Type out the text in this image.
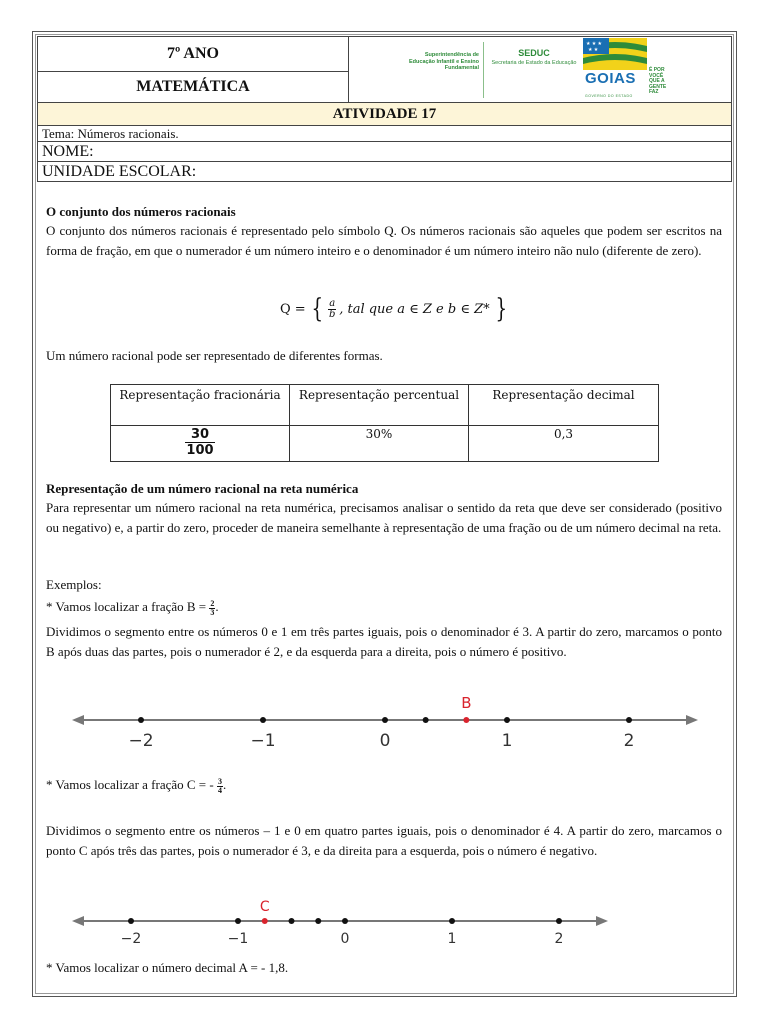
7º ANO	Superintendência de Educação Infantil e Ensino Fundamental
SEDUC
Secretaria de Estado da Educação
★ ★ ★
★ ★
GOIAS	É POR VOCÊ QUE A GENTE FAZ
GOVERNO DO ESTADO

MATEMÁTICA
ATIVIDADE 17
Tema: Números racionais.
NOME:
UNIDADE ESCOLAR:

O conjunto dos números racionais

O conjunto dos números racionais é representado pelo símbolo Q. Os números racionais são aqueles que podem ser escritos na forma de fração, em que o numerador é um número inteiro e o denominador é um número inteiro não nulo (diferente de zero).

Q = { $\frac{a}{b}$ , tal que a ∈ Z e b ∈ Z* }

Um número racional pode ser representado de diferentes formas.

Representação fracionária	Representação percentual	Representação decimal

$\frac{30}{100}$	30%	0,3

Representação de um número racional na reta numérica

Para representar um número racional na reta numérica, precisamos analisar o sentido da reta que deve ser considerado (positivo ou negativo) e, a partir do zero, proceder de maneira semelhante à representação de uma fração ou de um número decimal na reta.

Exemplos:

* Vamos localizar a fração $B = \frac{2}{3}$ .

Dividimos o segmento entre os números 0 e 1 em três partes iguais, pois o denominador é 3. A partir do zero, marcamos o ponto B após duas das partes, pois o numerador é 2, e da esquerda para a direita, pois o número é positivo.

−2	−1	0	1	2
B

* Vamos localizar a fração C = - $\frac{3}{4}$ .

Dividimos o segmento entre os números – 1 e 0 em quatro partes iguais, pois o denominador é 4. A partir do zero, marcamos o ponto C após três das partes, pois o numerador é 3, e da direita para a esquerda, pois o número é negativo.

−2	−1	0	1	2
C

* Vamos localizar o número decimal A = - 1,8.
